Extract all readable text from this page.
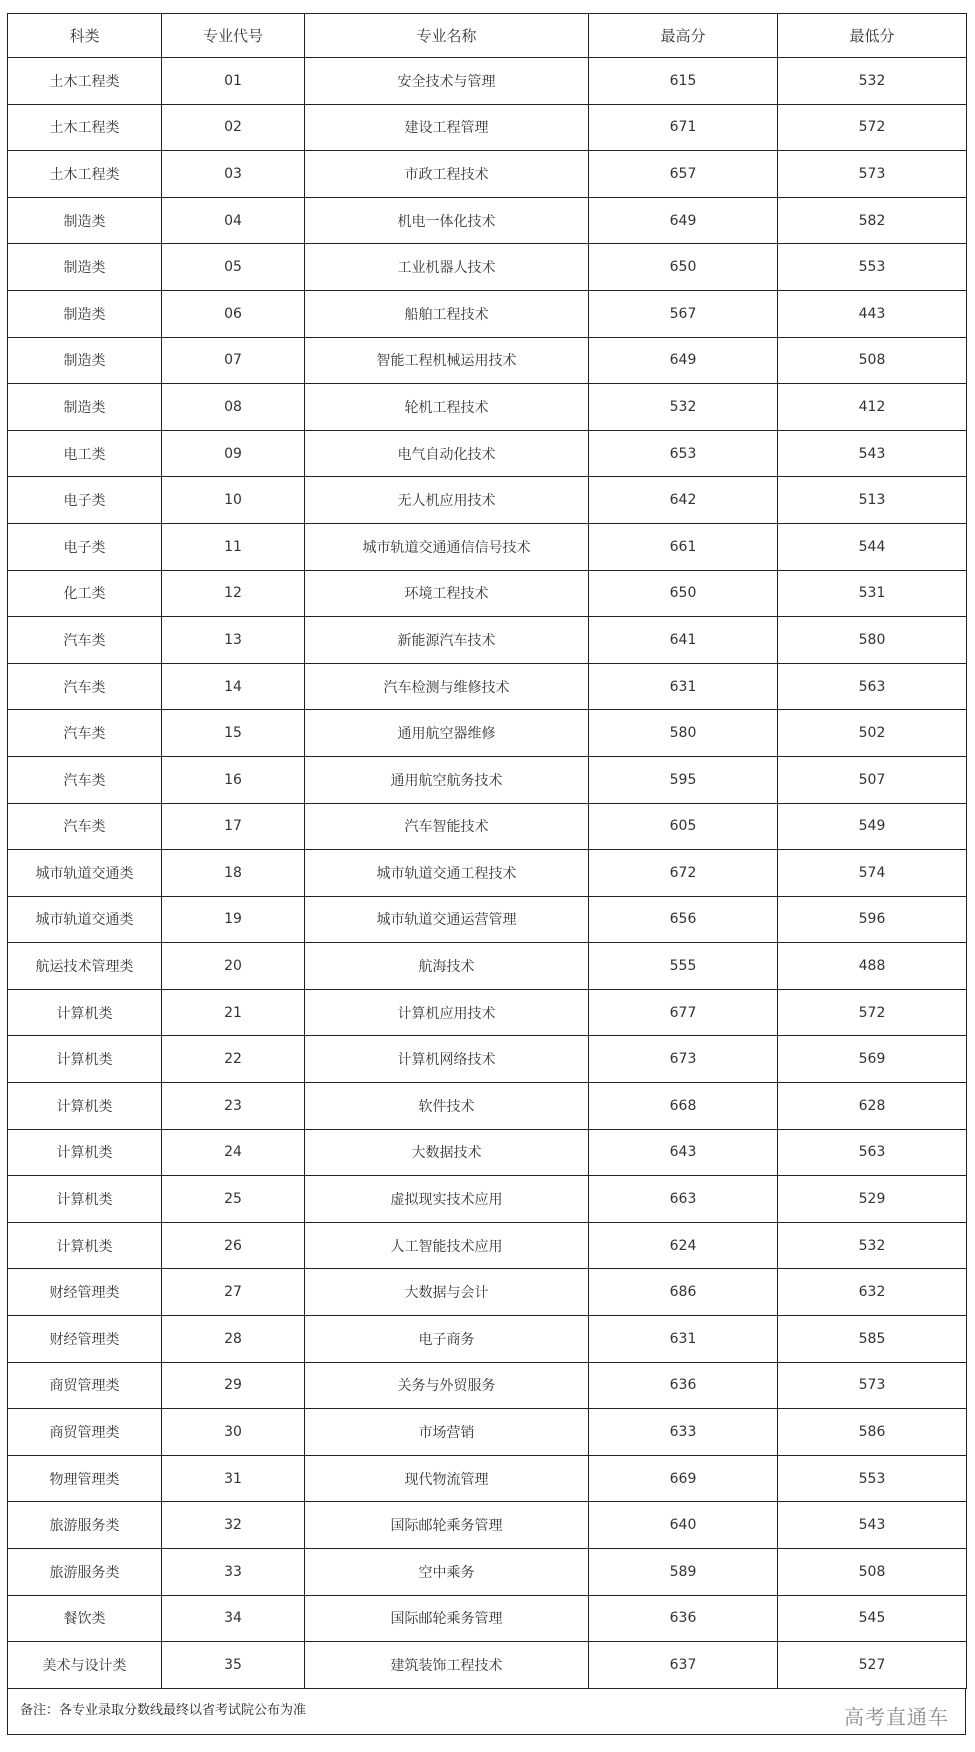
科类	专业代号	专业名称	最高分	最低分
土木工程类	01	安全技术与管理	615	532
土木工程类	02	建设工程管理	671	572
土木工程类	03	市政工程技术	657	573
制造类	04	机电一体化技术	649	582
制造类	05	工业机器人技术	650	553
制造类	06	船舶工程技术	567	443
制造类	07	智能工程机械运用技术	649	508
制造类	08	轮机工程技术	532	412
电工类	09	电气自动化技术	653	543
电子类	10	无人机应用技术	642	513
电子类	11	城市轨道交通通信信号技术	661	544
化工类	12	环境工程技术	650	531
汽车类	13	新能源汽车技术	641	580
汽车类	14	汽车检测与维修技术	631	563
汽车类	15	通用航空器维修	580	502
汽车类	16	通用航空航务技术	595	507
汽车类	17	汽车智能技术	605	549
城市轨道交通类	18	城市轨道交通工程技术	672	574
城市轨道交通类	19	城市轨道交通运营管理	656	596
航运技术管理类	20	航海技术	555	488
计算机类	21	计算机应用技术	677	572
计算机类	22	计算机网络技术	673	569
计算机类	23	软件技术	668	628
计算机类	24	大数据技术	643	563
计算机类	25	虚拟现实技术应用	663	529
计算机类	26	人工智能技术应用	624	532
财经管理类	27	大数据与会计	686	632
财经管理类	28	电子商务	631	585
商贸管理类	29	关务与外贸服务	636	573
商贸管理类	30	市场营销	633	586
物理管理类	31	现代物流管理	669	553
旅游服务类	32	国际邮轮乘务管理	640	543
旅游服务类	33	空中乘务	589	508
餐饮类	34	国际邮轮乘务管理	636	545
美术与设计类	35	建筑装饰工程技术	637	527
备注：各专业录取分数线最终以省考试院公布为准	高考直通车
